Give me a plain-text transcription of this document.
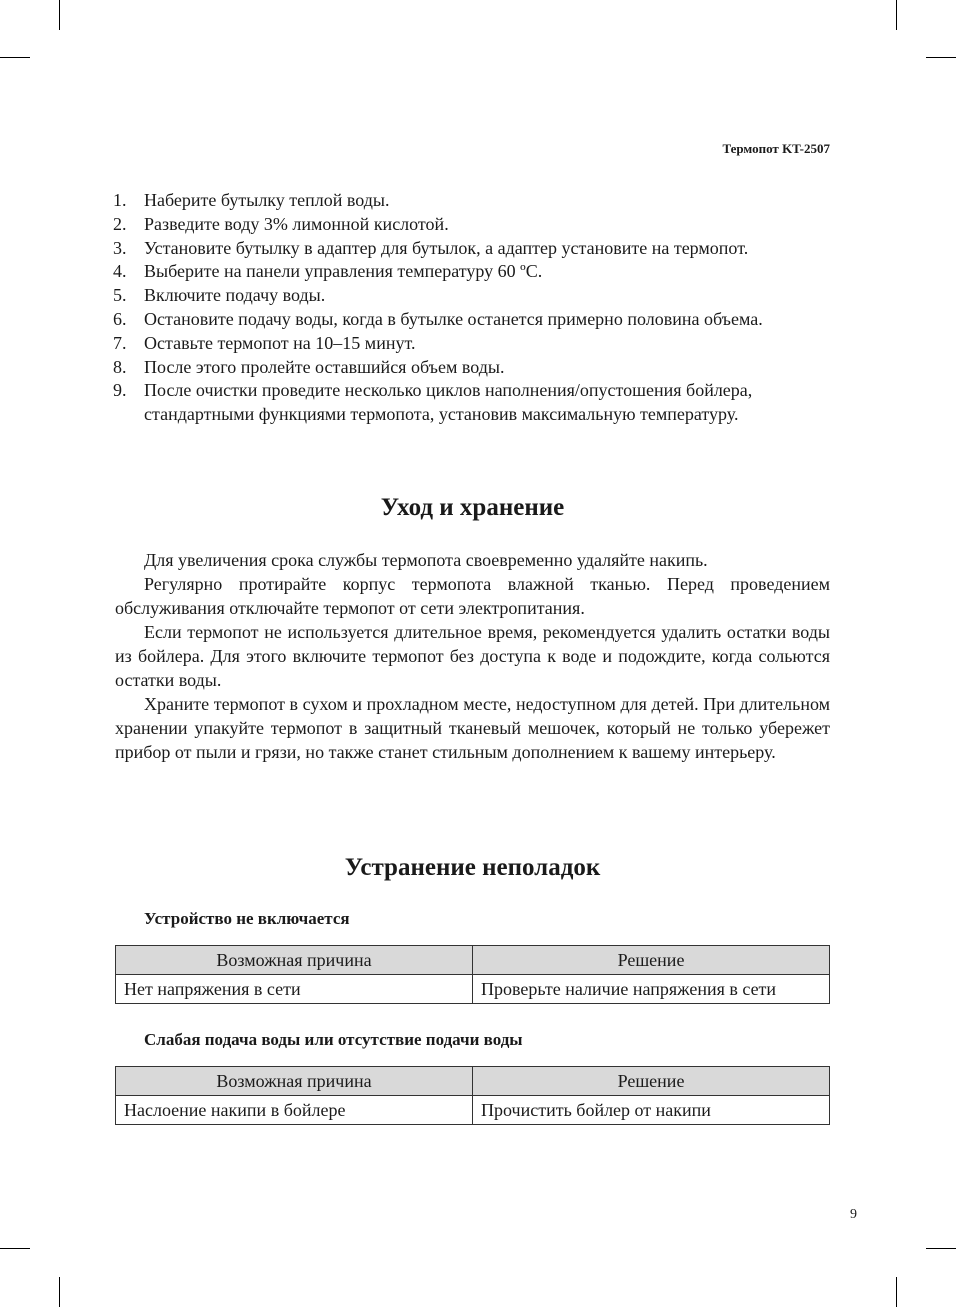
Термопот KT-2507
1. Наберите бутылку теплой воды.
2. Разведите воду 3% лимонной кислотой.
3. Установите бутылку в адаптер для бутылок, а адаптер установите на термопот.
4. Выберите на панели управления температуру 60 ºC.
5. Включите подачу воды.
6. Остановите подачу воды, когда в бутылке останется примерно половина объема.
7. Оставьте термопот на 10–15 минут.
8. После этого пролейте оставшийся объем воды.
9. После очистки проведите несколько циклов наполнения/опустошения бойлера, стандартными функциями термопота, установив максимальную температуру.
Уход и хранение

Для увеличения срока службы термопота своевременно удаляйте накипь.

Регулярно протирайте корпус термопота влажной тканью. Перед проведением обслуживания отключайте термопот от сети электропитания.

Если термопот не используется длительное время, рекомендуется удалить остатки воды из бойлера. Для этого включите термопот без доступа к воде и подождите, когда сольются остатки воды.

Храните термопот в сухом и прохладном месте, недоступном для детей. При длительном хранении упакуйте термопот в защитный тканевый мешочек, который не только убережет прибор от пыли и грязи, но также станет стильным дополнением к вашему интерьеру.

Устранение неполадок
Устройство не включается
Возможная причина	Решение
Нет напряжения в сети	Проверьте наличие напряжения в сети
Слабая подача воды или отсутствие подачи воды
Возможная причина	Решение
Наслоение накипи в бойлере	Прочистить бойлер от накипи
9
